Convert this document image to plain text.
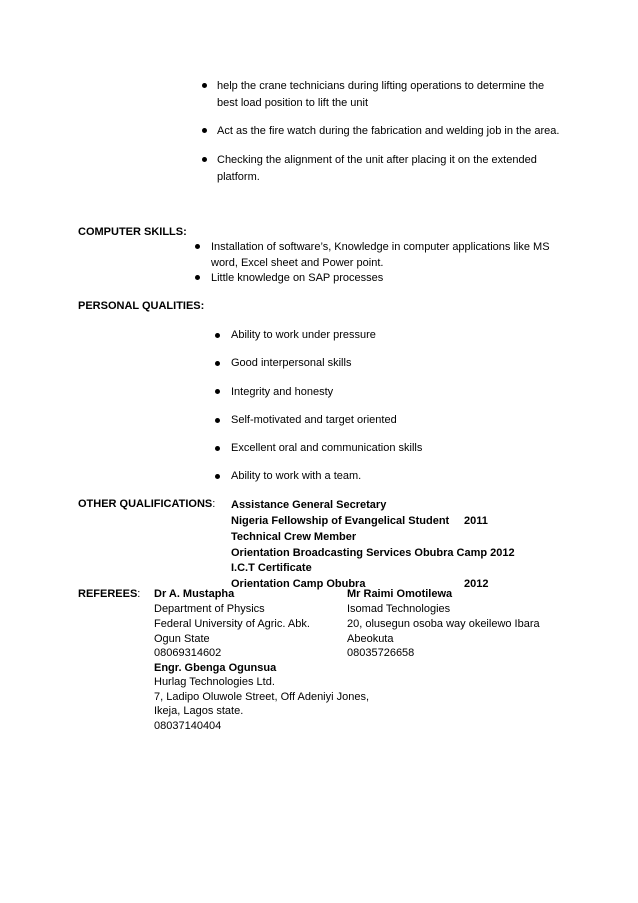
help the crane technicians during lifting operations to determine the
best load position to lift the unit
Act as the fire watch during the fabrication and welding job in the area.
Checking the alignment of the unit after placing it on the extended
platform.
COMPUTER SKILLS:
Installation of software’s, Knowledge in computer applications like MS
word, Excel sheet and Power point.
Little knowledge on SAP processes
PERSONAL QUALITIES:
Ability to work under pressure
Good interpersonal skills
Integrity and honesty
Self-motivated and target oriented
Excellent oral and communication skills
Ability to work with a team.
OTHER QUALIFICATIONS: Assistance General Secretary
Nigeria Fellowship of Evangelical Student 2011
Technical Crew Member
Orientation Broadcasting Services Obubra Camp 2012
I.C.T Certificate
Orientation Camp Obubra	2012
REFEREES: Dr A. Mustapha
Department of Physics
Federal University of Agric. Abk.
Ogun State
08069314602
Mr Raimi Omotilewa
Isomad Technologies
20, olusegun osoba way okeilewo Ibara
Abeokuta
08035726658
Engr. Gbenga Ogunsua
Hurlag Technologies Ltd.
7, Ladipo Oluwole Street, Off Adeniyi Jones,
Ikeja, Lagos state.
08037140404
